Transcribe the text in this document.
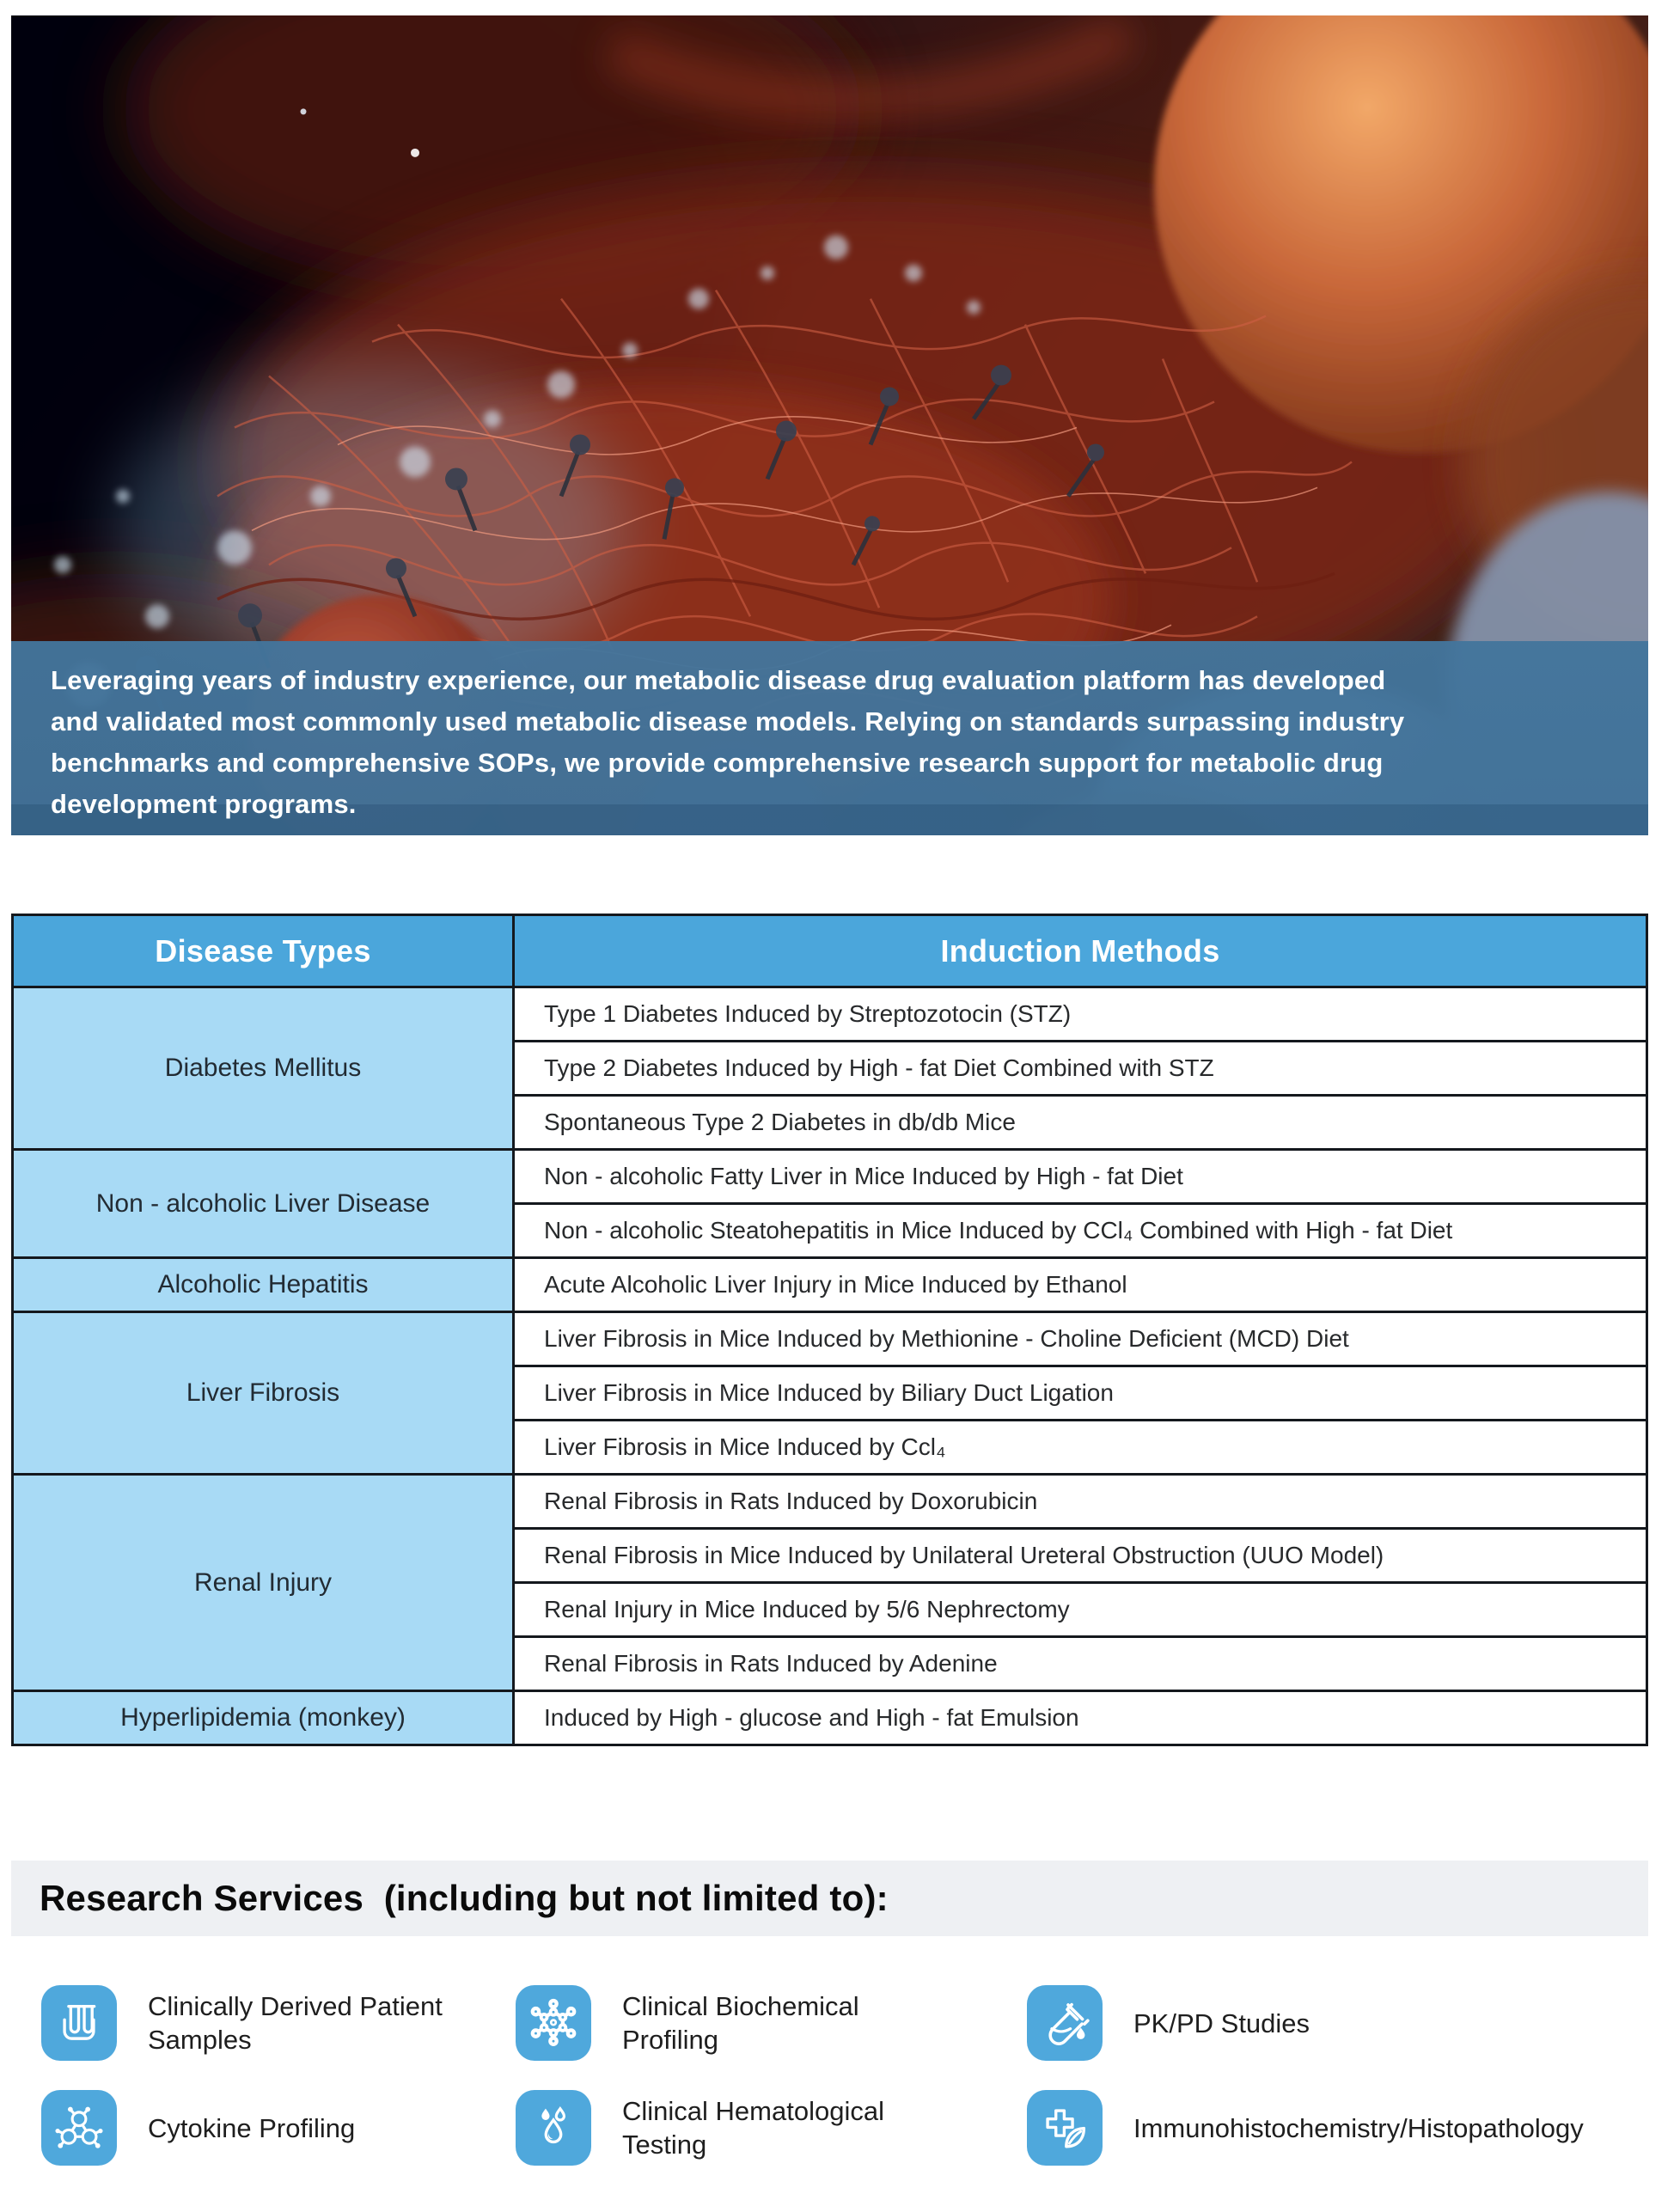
Leveraging years of industry experience, our metabolic disease drug evaluation platform has developed and validated most commonly used metabolic disease models. Relying on standards surpassing industry benchmarks and comprehensive SOPs, we provide comprehensive research support for metabolic drug development programs.

Disease Types	Induction Methods
Diabetes Mellitus	Type 1 Diabetes Induced by Streptozotocin (STZ)
	Type 2 Diabetes Induced by High - fat Diet Combined with STZ
	Spontaneous Type 2 Diabetes in db/db Mice
Non - alcoholic Liver Disease	Non - alcoholic Fatty Liver in Mice Induced by High - fat Diet
	Non - alcoholic Steatohepatitis in Mice Induced by CCl₄ Combined with High - fat Diet
Alcoholic Hepatitis	Acute Alcoholic Liver Injury in Mice Induced by Ethanol
Liver Fibrosis	Liver Fibrosis in Mice Induced by Methionine - Choline Deficient (MCD) Diet
	Liver Fibrosis in Mice Induced by Biliary Duct Ligation
	Liver Fibrosis in Mice Induced by Ccl₄
Renal Injury	Renal Fibrosis in Rats Induced by Doxorubicin
	Renal Fibrosis in Mice Induced by Unilateral Ureteral Obstruction (UUO Model)
	Renal Injury in Mice Induced by 5/6 Nephrectomy
	Renal Fibrosis in Rats Induced by Adenine
Hyperlipidemia (monkey)	Induced by High - glucose and High - fat Emulsion
Research Services  (including but not limited to):
Clinically Derived Patient Samples
Clinical Biochemical Profiling
PK/PD Studies
Cytokine Profiling
Clinical Hematological Testing
Immunohistochemistry/Histopathology
